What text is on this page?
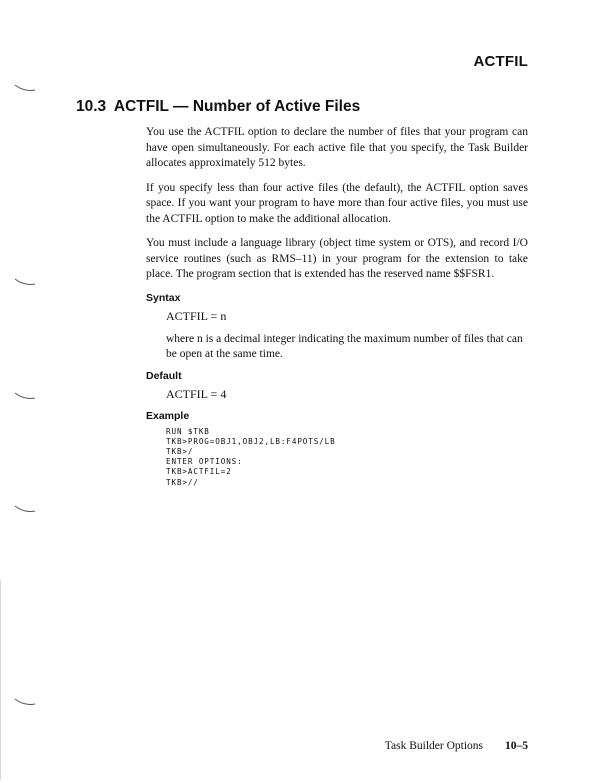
ACTFIL
10.3 ACTFIL — Number of Active Files

You use the ACTFIL option to declare the number of files that your program can have open simultaneously. For each active file that you specify, the Task Builder allocates approximately 512 bytes.

If you specify less than four active files (the default), the ACTFIL option saves space. If you want your program to have more than four active files, you must use the ACTFIL option to make the additional allocation.

You must include a language library (object time system or OTS), and record I/O service routines (such as RMS–11) in your program for the extension to take place. The program section that is extended has the reserved name $$FSR1.

Syntax
ACTFIL = n
where n is a decimal integer indicating the maximum number of files that can be open at the same time.
Default
ACTFIL = 4
Example
RUN $TKB
TKB>PROG=OBJ1,OBJ2,LB:F4POTS/LB
TKB>/
ENTER OPTIONS:
TKB>ACTFIL=2
TKB>//
Task Builder Options 10–5
